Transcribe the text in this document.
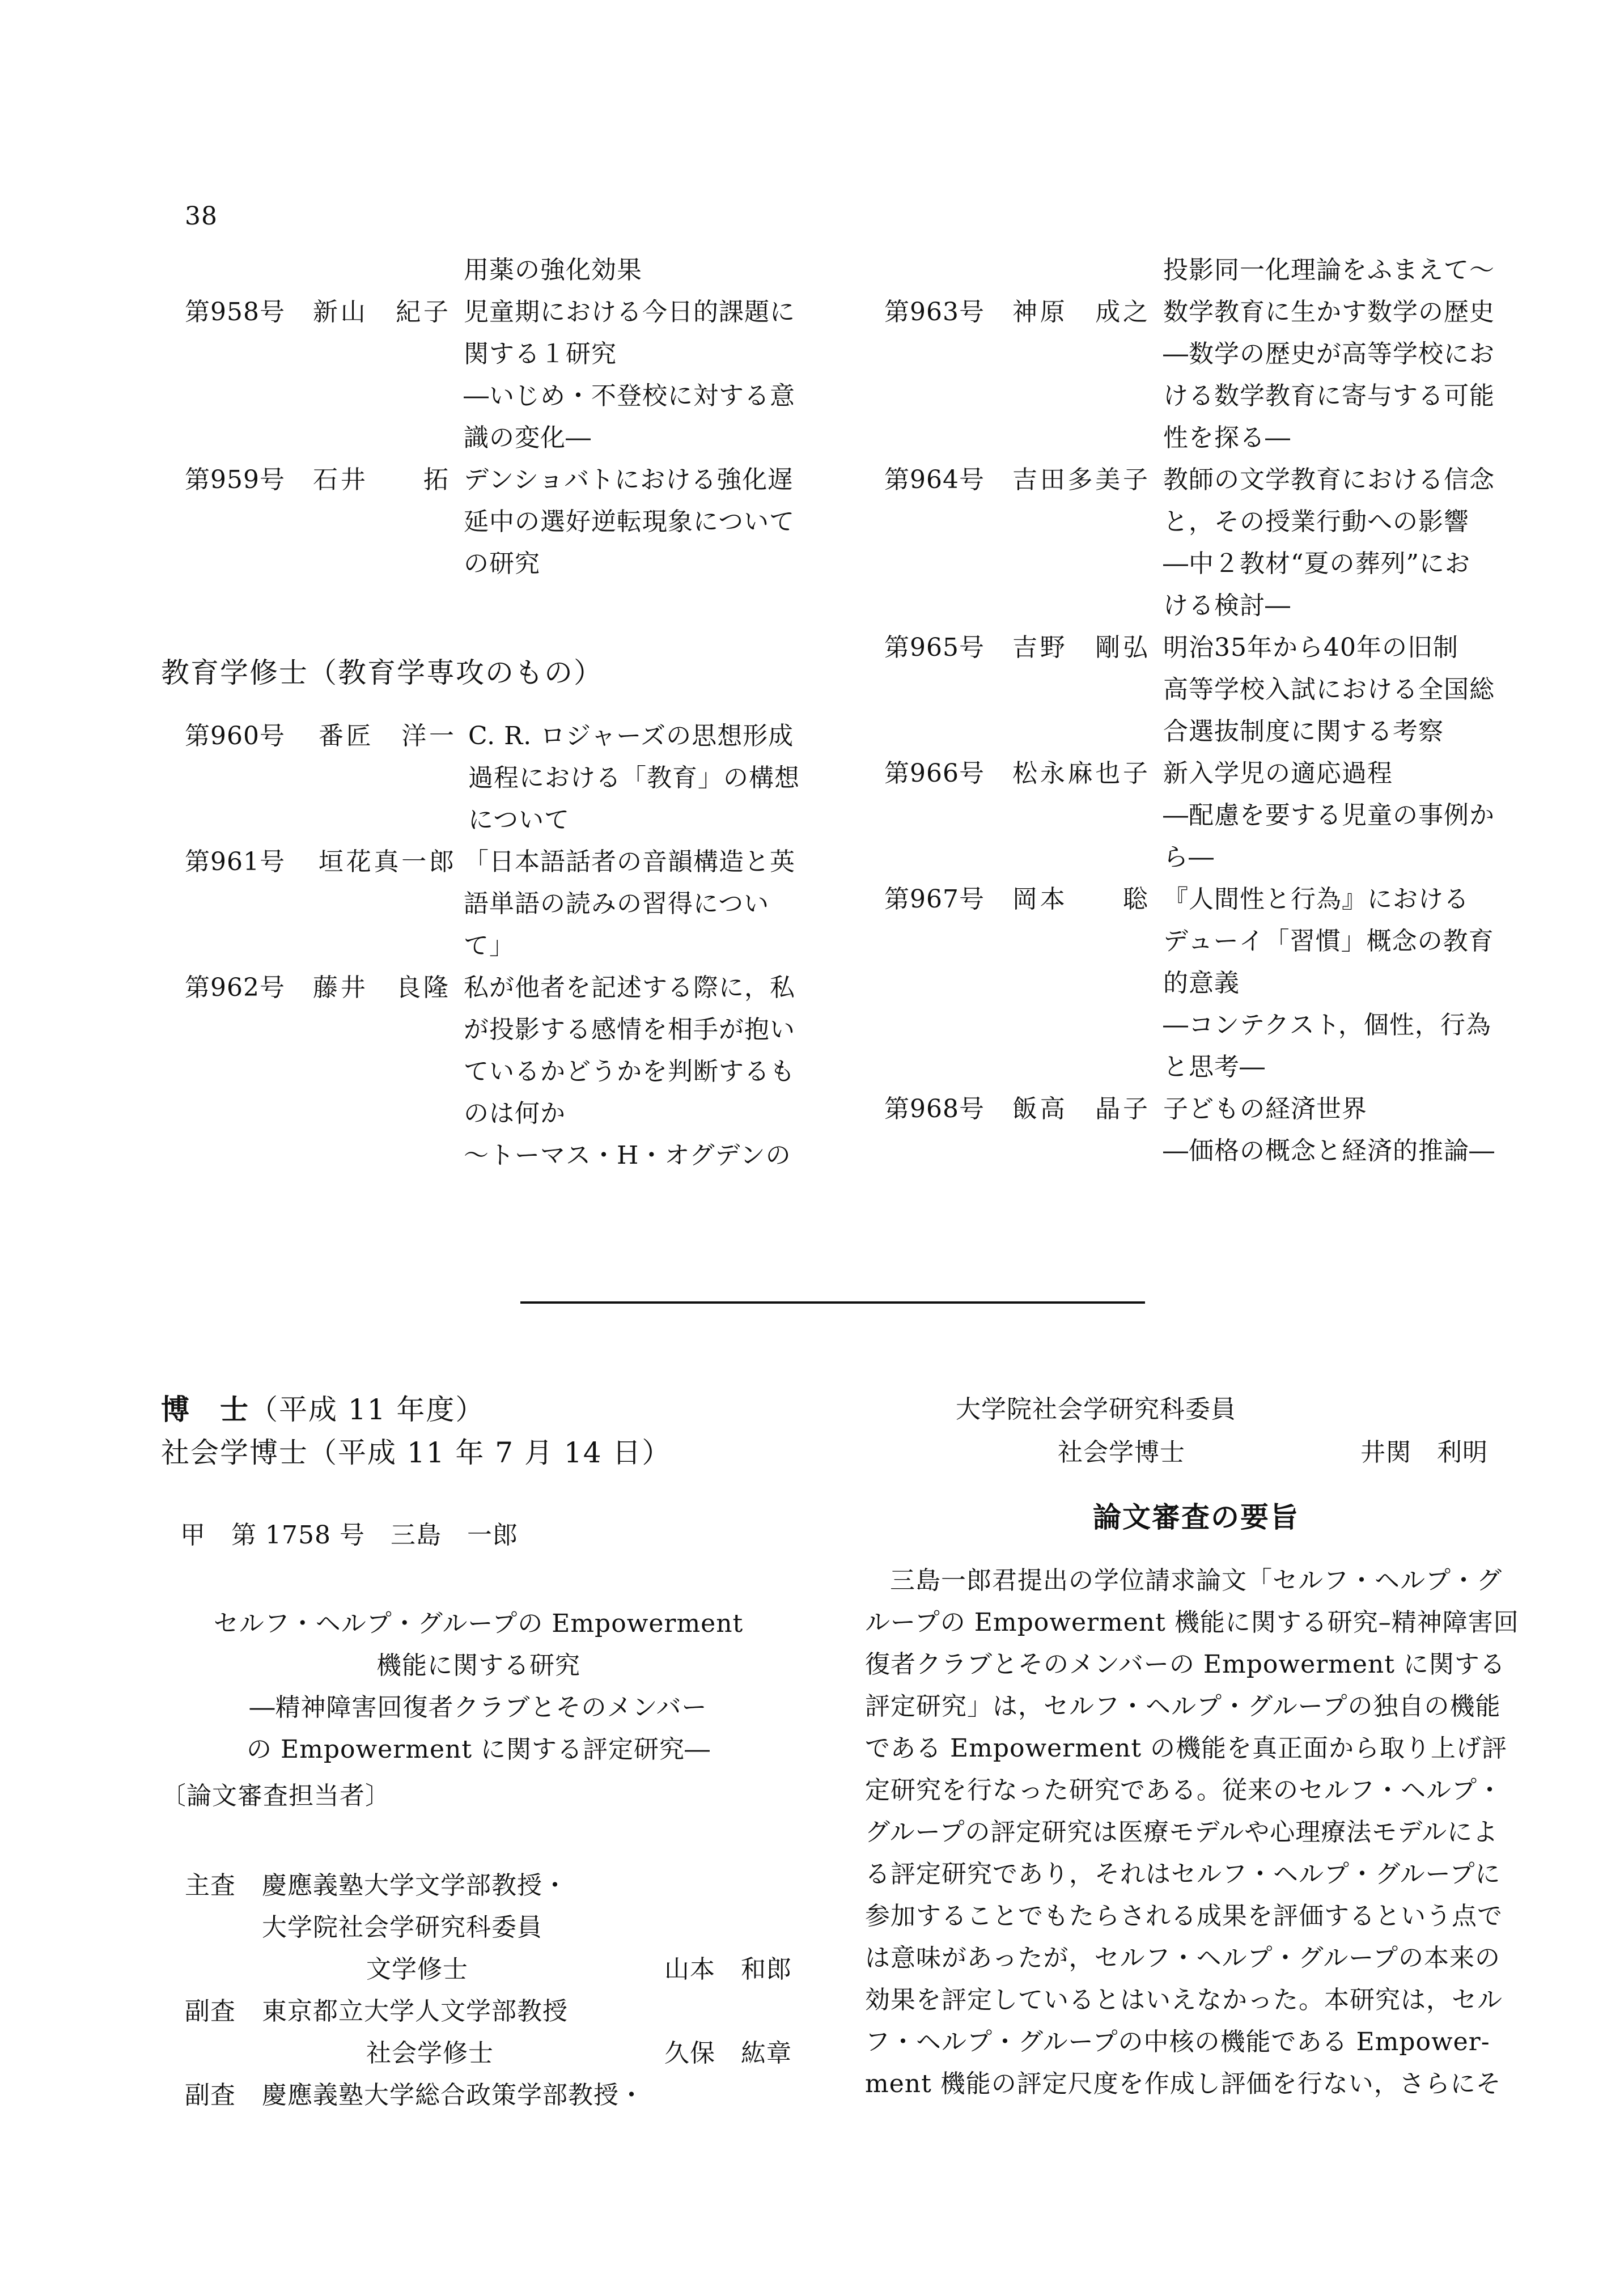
38
用薬の強化効果
第958号 新山　紀子 児童期における今日的課題に
関する１研究
―いじめ・不登校に対する意
識の変化―
第959号 石井　　拓 デンショバトにおける強化遅
延中の選好逆転現象について
の研究
教育学修士（教育学専攻のもの）
第960号 番匠　洋一 C. R. ロジャーズの思想形成
過程における「教育」の構想
について
第961号 垣花真一郎 「日本語話者の音韻構造と英
語単語の読みの習得につい
て」
第962号 藤井　良隆 私が他者を記述する際に，私
が投影する感情を相手が抱い
ているかどうかを判断するも
のは何か
〜トーマス・H・オグデンの
投影同一化理論をふまえて〜
第963号 神原　成之 数学教育に生かす数学の歴史
―数学の歴史が高等学校にお
ける数学教育に寄与する可能
性を探る―
第964号 吉田多美子 教師の文学教育における信念
と，その授業行動への影響
―中２教材“夏の葬列”にお
ける検討―
第965号 吉野　剛弘 明治35年から40年の旧制
高等学校入試における全国総
合選抜制度に関する考察
第966号 松永麻也子 新入学児の適応過程
―配慮を要する児童の事例か
ら―
第967号 岡本　　聡 『人間性と行為』における
デューイ「習慣」概念の教育
的意義
―コンテクスト，個性，行為
と思考―
第968号 飯高　晶子 子どもの経済世界
―価格の概念と経済的推論―
博　士（平成 11 年度）
社会学博士（平成 11 年 7 月 14 日）
甲　第 1758 号　三島　一郎
セルフ・ヘルプ・グループの Empowerment
機能に関する研究
―精神障害回復者クラブとそのメンバー
の Empowerment に関する評定研究―
〔論文審査担当者〕
主査 慶應義塾大学文学部教授・
大学院社会学研究科委員
文学修士	山本　和郎
副査 東京都立大学人文学部教授
社会学修士	久保　紘章
副査 慶應義塾大学総合政策学部教授・
大学院社会学研究科委員
社会学博士	井関　利明
論文審査の要旨
三島一郎君提出の学位請求論文「セルフ・ヘルプ・グ
ループの Empowerment 機能に関する研究–精神障害回
復者クラブとそのメンバーの Empowerment に関する
評定研究」は，セルフ・ヘルプ・グループの独自の機能
である Empowerment の機能を真正面から取り上げ評
定研究を行なった研究である。従来のセルフ・ヘルプ・
グループの評定研究は医療モデルや心理療法モデルによ
る評定研究であり，それはセルフ・ヘルプ・グループに
参加することでもたらされる成果を評価するという点で
は意味があったが，セルフ・ヘルプ・グループの本来の
効果を評定しているとはいえなかった。本研究は，セル
フ・ヘルプ・グループの中核の機能である Empower-
ment 機能の評定尺度を作成し評価を行ない，さらにそ
